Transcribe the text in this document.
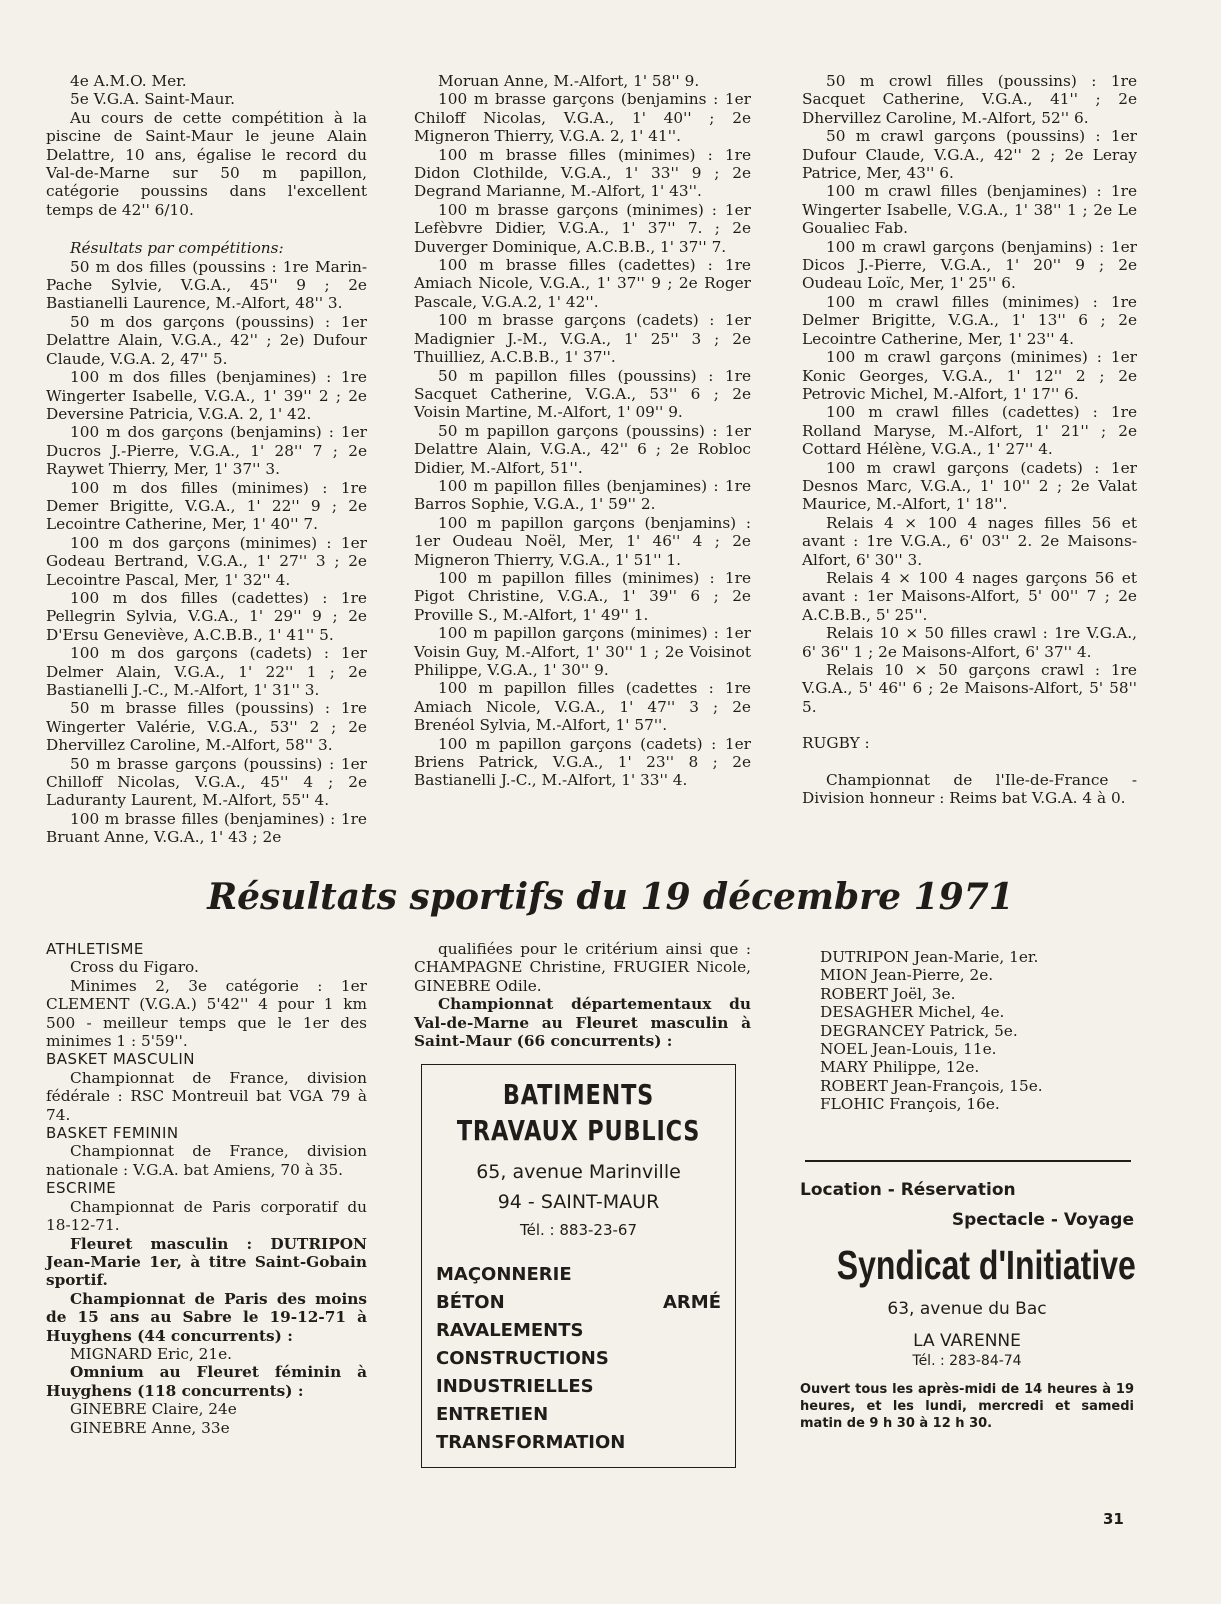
4e A.M.O. Mer.

5e V.G.A. Saint-Maur.

Au cours de cette compétition à la piscine de Saint-Maur le jeune Alain Delattre, 10 ans, égalise le record du Val-de-Marne sur 50 m papillon, catégorie poussins dans l'excellent temps de 42'' 6/10.

Résultats par compétitions:

50 m dos filles (poussins : 1re Marin-Pache Sylvie, V.G.A., 45'' 9 ; 2e Bastianelli Laurence, M.-Alfort, 48'' 3.

50 m dos garçons (poussins) : 1er Delattre Alain, V.G.A., 42'' ; 2e) Dufour Claude, V.G.A. 2, 47'' 5.

100 m dos filles (benjamines) : 1re Wingerter Isabelle, V.G.A., 1' 39'' 2 ; 2e Deversine Patricia, V.G.A. 2, 1' 42.

100 m dos garçons (benjamins) : 1er Ducros J.-Pierre, V.G.A., 1' 28'' 7 ; 2e Raywet Thierry, Mer, 1' 37'' 3.

100 m dos filles (minimes) : 1re Demer Brigitte, V.G.A., 1' 22'' 9 ; 2e Lecointre Catherine, Mer, 1' 40'' 7.

100 m dos garçons (minimes) : 1er Godeau Bertrand, V.G.A., 1' 27'' 3 ; 2e Lecointre Pascal, Mer, 1' 32'' 4.

100 m dos filles (cadettes) : 1re Pellegrin Sylvia, V.G.A., 1' 29'' 9 ; 2e D'Ersu Geneviève, A.C.B.B., 1' 41'' 5.

100 m dos garçons (cadets) : 1er Delmer Alain, V.G.A., 1' 22'' 1 ; 2e Bastianelli J.-C., M.-Alfort, 1' 31'' 3.

50 m brasse filles (poussins) : 1re Wingerter Valérie, V.G.A., 53'' 2 ; 2e Dhervillez Caroline, M.-Alfort, 58'' 3.

50 m brasse garçons (poussins) : 1er Chilloff Nicolas, V.G.A., 45'' 4 ; 2e Laduranty Laurent, M.-Alfort, 55'' 4.

100 m brasse filles (benjamines) : 1re Bruant Anne, V.G.A., 1' 43 ; 2e

Moruan Anne, M.-Alfort, 1' 58'' 9.

100 m brasse garçons (benjamins : 1er Chiloff Nicolas, V.G.A., 1' 40'' ; 2e Migneron Thierry, V.G.A. 2, 1' 41''.

100 m brasse filles (minimes) : 1re Didon Clothilde, V.G.A., 1' 33'' 9 ; 2e Degrand Marianne, M.-Alfort, 1' 43''.

100 m brasse garçons (minimes) : 1er Lefèbvre Didier, V.G.A., 1' 37'' 7. ; 2e Duverger Dominique, A.C.B.B., 1' 37'' 7.

100 m brasse filles (cadettes) : 1re Amiach Nicole, V.G.A., 1' 37'' 9 ; 2e Roger Pascale, V.G.A.2, 1' 42''.

100 m brasse garçons (cadets) : 1er Madignier J.-M., V.G.A., 1' 25'' 3 ; 2e Thuilliez, A.C.B.B., 1' 37''.

50 m papillon filles (poussins) : 1re Sacquet Catherine, V.G.A., 53'' 6 ; 2e Voisin Martine, M.-Alfort, 1' 09'' 9.

50 m papillon garçons (poussins) : 1er Delattre Alain, V.G.A., 42'' 6 ; 2e Robloc Didier, M.-Alfort, 51''.

100 m papillon filles (benjamines) : 1re Barros Sophie, V.G.A., 1' 59'' 2.

100 m papillon garçons (benjamins) : 1er Oudeau Noël, Mer, 1' 46'' 4 ; 2e Migneron Thierry, V.G.A., 1' 51'' 1.

100 m papillon filles (minimes) : 1re Pigot Christine, V.G.A., 1' 39'' 6 ; 2e Proville S., M.-Alfort, 1' 49'' 1.

100 m papillon garçons (minimes) : 1er Voisin Guy, M.-Alfort, 1' 30'' 1 ; 2e Voisinot Philippe, V.G.A., 1' 30'' 9.

100 m papillon filles (cadettes : 1re Amiach Nicole, V.G.A., 1' 47'' 3 ; 2e Brenéol Sylvia, M.-Alfort, 1' 57''.

100 m papillon garçons (cadets) : 1er Briens Patrick, V.G.A., 1' 23'' 8 ; 2e Bastianelli J.-C., M.-Alfort, 1' 33'' 4.

50 m crowl filles (poussins) : 1re Sacquet Catherine, V.G.A., 41'' ; 2e Dhervillez Caroline, M.-Alfort, 52'' 6.

50 m crawl garçons (poussins) : 1er Dufour Claude, V.G.A., 42'' 2 ; 2e Leray Patrice, Mer, 43'' 6.

100 m crawl filles (benjamines) : 1re Wingerter Isabelle, V.G.A., 1' 38'' 1 ; 2e Le Goualiec Fab.

100 m crawl garçons (benjamins) : 1er Dicos J.-Pierre, V.G.A., 1' 20'' 9 ; 2e Oudeau Loïc, Mer, 1' 25'' 6.

100 m crawl filles (minimes) : 1re Delmer Brigitte, V.G.A., 1' 13'' 6 ; 2e Lecointre Catherine, Mer, 1' 23'' 4.

100 m crawl garçons (minimes) : 1er Konic Georges, V.G.A., 1' 12'' 2 ; 2e Petrovic Michel, M.-Alfort, 1' 17'' 6.

100 m crawl filles (cadettes) : 1re Rolland Maryse, M.-Alfort, 1' 21'' ; 2e Cottard Hélène, V.G.A., 1' 27'' 4.

100 m crawl garçons (cadets) : 1er Desnos Marc, V.G.A., 1' 10'' 2 ; 2e Valat Maurice, M.-Alfort, 1' 18''.

Relais 4 × 100 4 nages filles 56 et avant : 1re V.G.A., 6' 03'' 2. 2e Maisons-Alfort, 6' 30'' 3.

Relais 4 × 100 4 nages garçons 56 et avant : 1er Maisons-Alfort, 5' 00'' 7 ; 2e A.C.B.B., 5' 25''.

Relais 10 × 50 filles crawl : 1re V.G.A., 6' 36'' 1 ; 2e Maisons-Alfort, 6' 37'' 4.

Relais 10 × 50 garçons crawl : 1re V.G.A., 5' 46'' 6 ; 2e Maisons-Alfort, 5' 58'' 5.

RUGBY :

Championnat de l'Ile-de-France - Division honneur : Reims bat V.G.A. 4 à 0.

Résultats sportifs du 19 décembre 1971

ATHLETISME

Cross du Figaro.

Minimes 2, 3e catégorie : 1er CLEMENT (V.G.A.) 5'42'' 4 pour 1 km 500 - meilleur temps que le 1er des minimes 1 : 5'59''.

BASKET MASCULIN

Championnat de France, division fédérale : RSC Montreuil bat VGA 79 à 74.

BASKET FEMININ

Championnat de France, division nationale : V.G.A. bat Amiens, 70 à 35.

ESCRIME

Championnat de Paris corporatif du 18-12-71.

Fleuret masculin : DUTRIPON Jean-Marie 1er, à titre Saint-Gobain sportif.

Championnat de Paris des moins de 15 ans au Sabre le 19-12-71 à Huyghens (44 concurrents) :

MIGNARD Eric, 21e.

Omnium au Fleuret féminin à Huyghens (118 concurrents) :

GINEBRE Claire, 24e

GINEBRE Anne, 33e

qualifiées pour le critérium ainsi que : CHAMPAGNE Christine, FRUGIER Nicole, GINEBRE Odile.

Championnat départementaux du Val-de-Marne au Fleuret masculin à Saint-Maur (66 concurrents) :

BATIMENTS
TRAVAUX PUBLICS
65, avenue Marinville
94 - SAINT-MAUR
Tél. : 883-23-67
MAÇONNERIE
BÉTON ARMÉ
RAVALEMENTS
CONSTRUCTIONS
INDUSTRIELLES
ENTRETIEN
TRANSFORMATION

DUTRIPON Jean-Marie, 1er.

MION Jean-Pierre, 2e.

ROBERT Joël, 3e.

DESAGHER Michel, 4e.

DEGRANCEY Patrick, 5e.

NOEL Jean-Louis, 11e.

MARY Philippe, 12e.

ROBERT Jean-François, 15e.

FLOHIC François, 16e.

Location - Réservation
Spectacle - Voyage
Syndicat d'Initiative
63, avenue du Bac
LA VARENNE
Tél. : 283-84-74
Ouvert tous les après-midi de 14 heures à 19 heures, et les lundi, mercredi et samedi matin de 9 h 30 à 12 h 30.
31
